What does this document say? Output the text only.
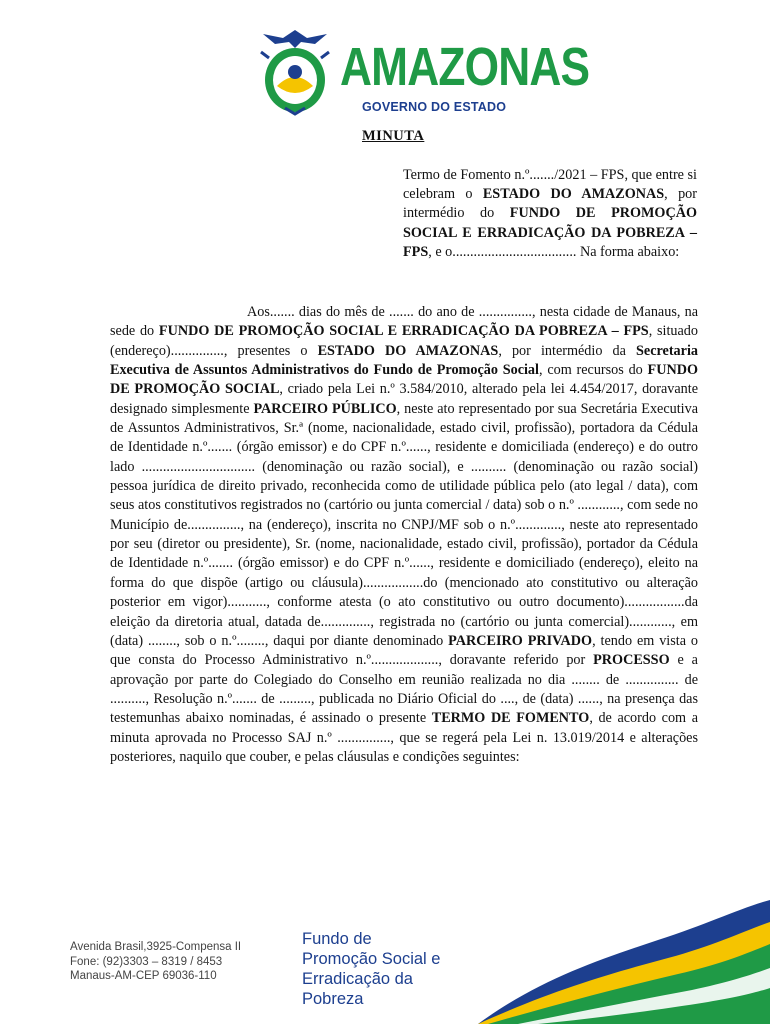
AMAZONAS
GOVERNO DO ESTADO
MINUTA
Termo de Fomento n.º......./2021 – FPS, que entre si celebram o ESTADO DO AMAZONAS, por intermédio do FUNDO DE PROMOÇÃO SOCIAL E ERRADICAÇÃO DA POBREZA – FPS, e o................................... Na forma abaixo:
Aos....... dias do mês de ....... do ano de ..............., nesta cidade de Manaus, na sede do FUNDO DE PROMOÇÃO SOCIAL E ERRADICAÇÃO DA POBREZA – FPS, situado (endereço)..............., presentes o ESTADO DO AMAZONAS, por intermédio da Secretaria Executiva de Assuntos Administrativos do Fundo de Promoção Social, com recursos do FUNDO DE PROMOÇÃO SOCIAL, criado pela Lei n.º 3.584/2010, alterado pela lei 4.454/2017, doravante designado simplesmente PARCEIRO PÚBLICO, neste ato representado por sua Secretária Executiva de Assuntos Administrativos, Sr.ª (nome, nacionalidade, estado civil, profissão), portadora da Cédula de Identidade n.º....... (órgão emissor) e do CPF n.º......, residente e domiciliada (endereço) e do outro lado ................................ (denominação ou razão social), e .......... (denominação ou razão social) pessoa jurídica de direito privado, reconhecida como de utilidade pública pelo (ato legal / data), com seus atos constitutivos registrados no (cartório ou junta comercial / data) sob o n.º ............, com sede no Município de..............., na (endereço), inscrita no CNPJ/MF sob o n.º............., neste ato representado por seu (diretor ou presidente), Sr. (nome, nacionalidade, estado civil, profissão), portador da Cédula de Identidade n.º....... (órgão emissor) e do CPF n.º......, residente e domiciliado (endereço), eleito na forma do que dispõe (artigo ou cláusula).................do (mencionado ato constitutivo ou alteração posterior em vigor)..........., conforme atesta (o ato constitutivo ou outro documento).................da eleição da diretoria atual, datada de.............., registrada no (cartório ou junta comercial)............, em (data) ........, sob o n.º........, daqui por diante denominado PARCEIRO PRIVADO, tendo em vista o que consta do Processo Administrativo n.º..................., doravante referido por PROCESSO e a aprovação por parte do Colegiado do Conselho em reunião realizada no dia ........ de ............... de .........., Resolução n.º....... de ........., publicada no Diário Oficial do ...., de (data) ......, na presença das testemunhas abaixo nominadas, é assinado o presente TERMO DE FOMENTO, de acordo com a minuta aprovada no Processo SAJ n.º ..............., que se regerá pela Lei n. 13.019/2014 e alterações posteriores, naquilo que couber, e pelas cláusulas e condições seguintes:
Avenida Brasil,3925-Compensa II
Fone: (92)3303 – 8319 / 8453
Manaus-AM-CEP 69036-110
Fundo de
Promoção Social e
Erradicação da
Pobreza
